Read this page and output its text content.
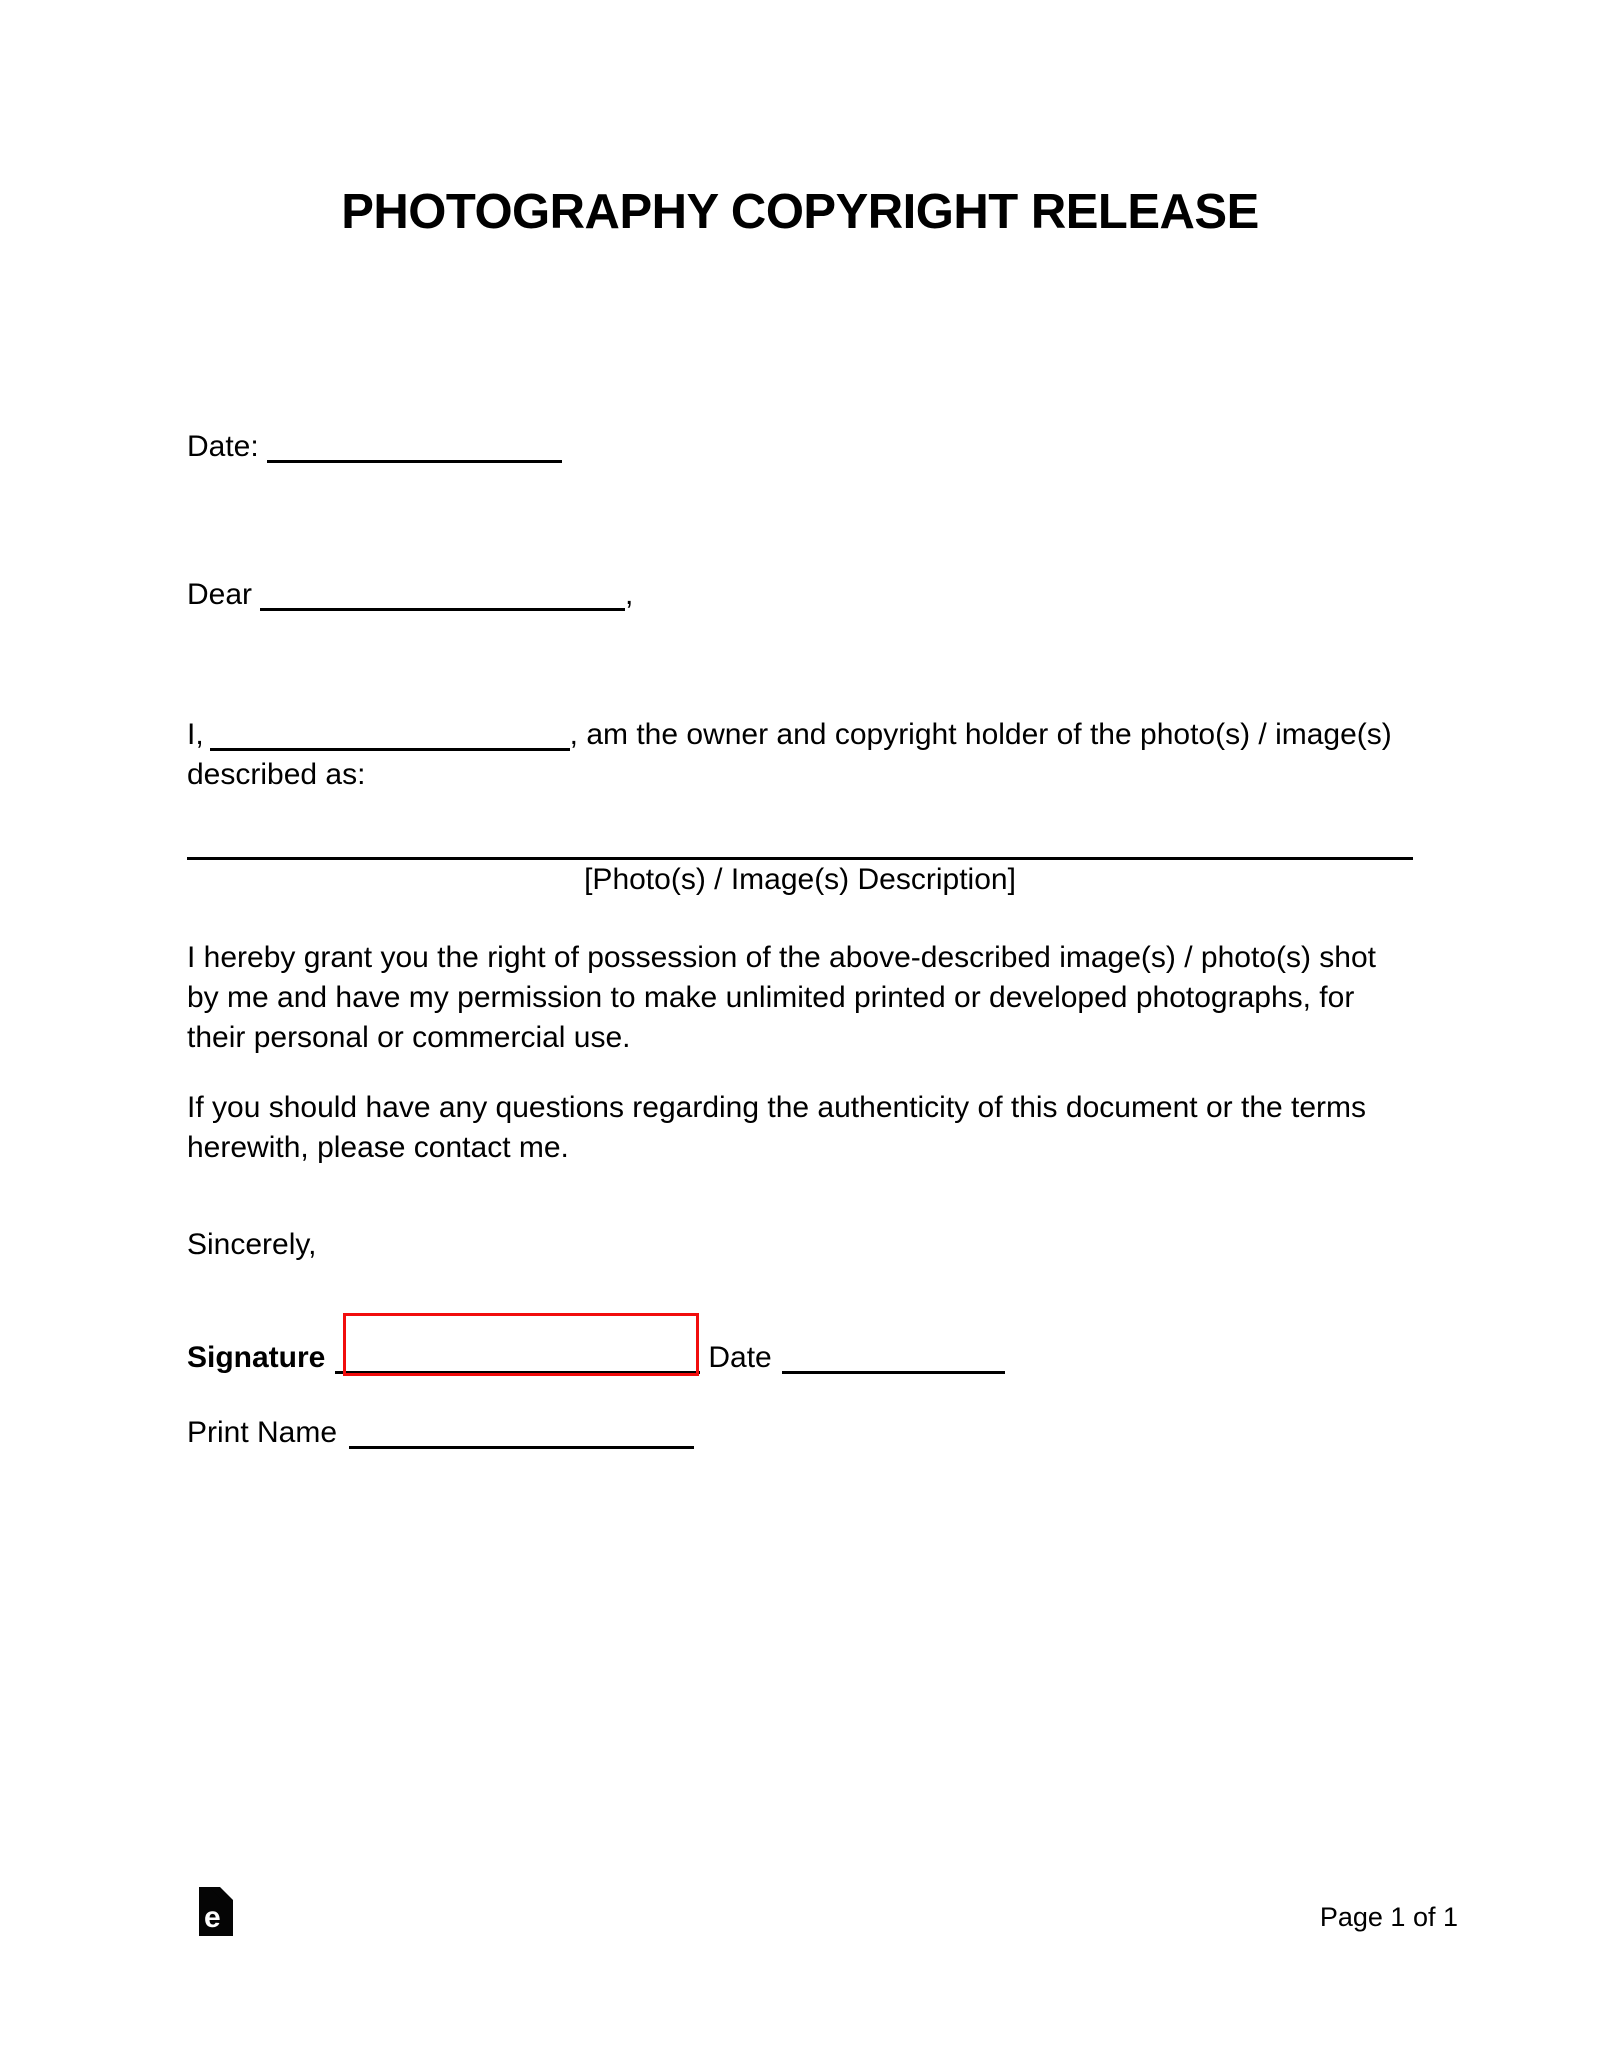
PHOTOGRAPHY COPYRIGHT RELEASE
Date:
Dear	,

I,	, am the owner and copyright holder of the photo(s) / image(s) described as:

[Photo(s) / Image(s) Description]

I hereby grant you the right of possession of the above-described image(s) / photo(s) shot by me and have my permission to make unlimited printed or developed photographs, for their personal or commercial use.

If you should have any questions regarding the authenticity of this document or the terms herewith, please contact me.

Sincerely,
Signature	Date
Print Name
e	Page 1 of 1
